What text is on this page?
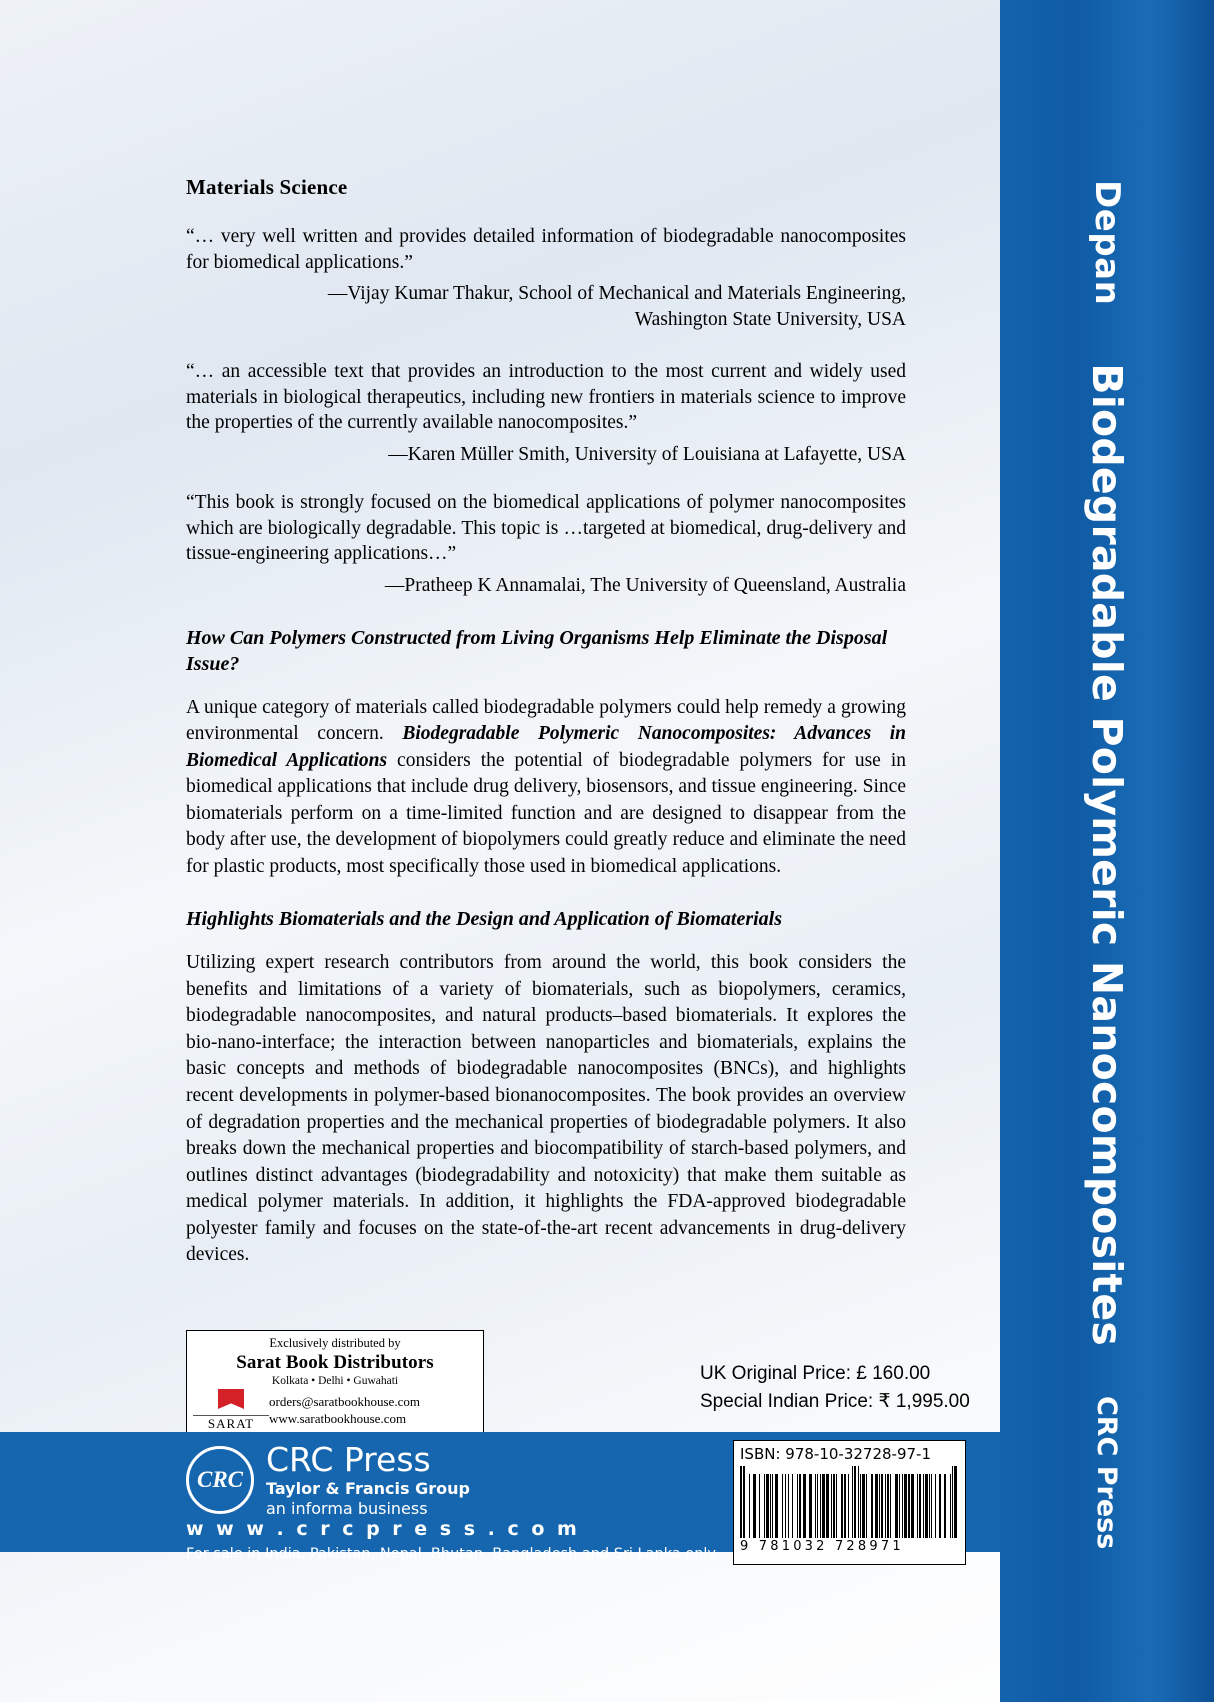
Depan
Biodegradable Polymeric Nanocomposites
CRC Press
Materials Science
“… very well written and provides detailed information of biodegradable nanocomposites for biomedical applications.”
—Vijay Kumar Thakur, School of Mechanical and Materials Engineering,
Washington State University, USA
“… an accessible text that provides an introduction to the most current and widely used materials in biological therapeutics, including new frontiers in materials science to improve the properties of the currently available nanocomposites.”
—Karen Müller Smith, University of Louisiana at Lafayette, USA
“This book is strongly focused on the biomedical applications of polymer nanocomposites which are biologically degradable. This topic is …targeted at biomedical, drug-delivery and tissue-engineering applications…”
—Pratheep K Annamalai, The University of Queensland, Australia
How Can Polymers Constructed from Living Organisms Help Eliminate the Disposal Issue?
A unique category of materials called biodegradable polymers could help remedy a growing environmental concern. Biodegradable Polymeric Nanocomposites: Advances in Biomedical Applications considers the potential of biodegradable polymers for use in biomedical applications that include drug delivery, biosensors, and tissue engineering. Since biomaterials perform on a time-limited function and are designed to disappear from the body after use, the development of biopolymers could greatly reduce and eliminate the need for plastic products, most specifically those used in biomedical applications.
Highlights Biomaterials and the Design and Application of Biomaterials
Utilizing expert research contributors from around the world, this book considers the benefits and limitations of a variety of biomaterials, such as biopolymers, ceramics, biodegradable nanocomposites, and natural products–based biomaterials. It explores the bio-nano-interface; the interaction between nanoparticles and biomaterials, explains the basic concepts and methods of biodegradable nanocomposites (BNCs), and highlights recent developments in polymer-based bionanocomposites. The book provides an overview of degradation properties and the mechanical properties of biodegradable polymers. It also breaks down the mechanical properties and biocompatibility of starch-based polymers, and outlines distinct advantages (biodegradability and notoxicity) that make them suitable as medical polymer materials. In addition, it highlights the FDA-approved biodegradable polyester family and focuses on the state-of-the-art recent advancements in drug-delivery devices.
Exclusively distributed by
Sarat Book Distributors
Kolkata • Delhi • Guwahati
SARAT
orders@saratbookhouse.com
www.saratbookhouse.com
UK Original Price: £ 160.00
Special Indian Price: ₹ 1,995.00
CRC
CRC Press
Taylor & Francis Group
an informa business
w w w . c r c p r e s s . c o m
For sale in India, Pakistan, Nepal, Bhutan, Bangladesh and Sri Lanka only.
ISBN: 978-10-32728-97-1
9 781032 728971
